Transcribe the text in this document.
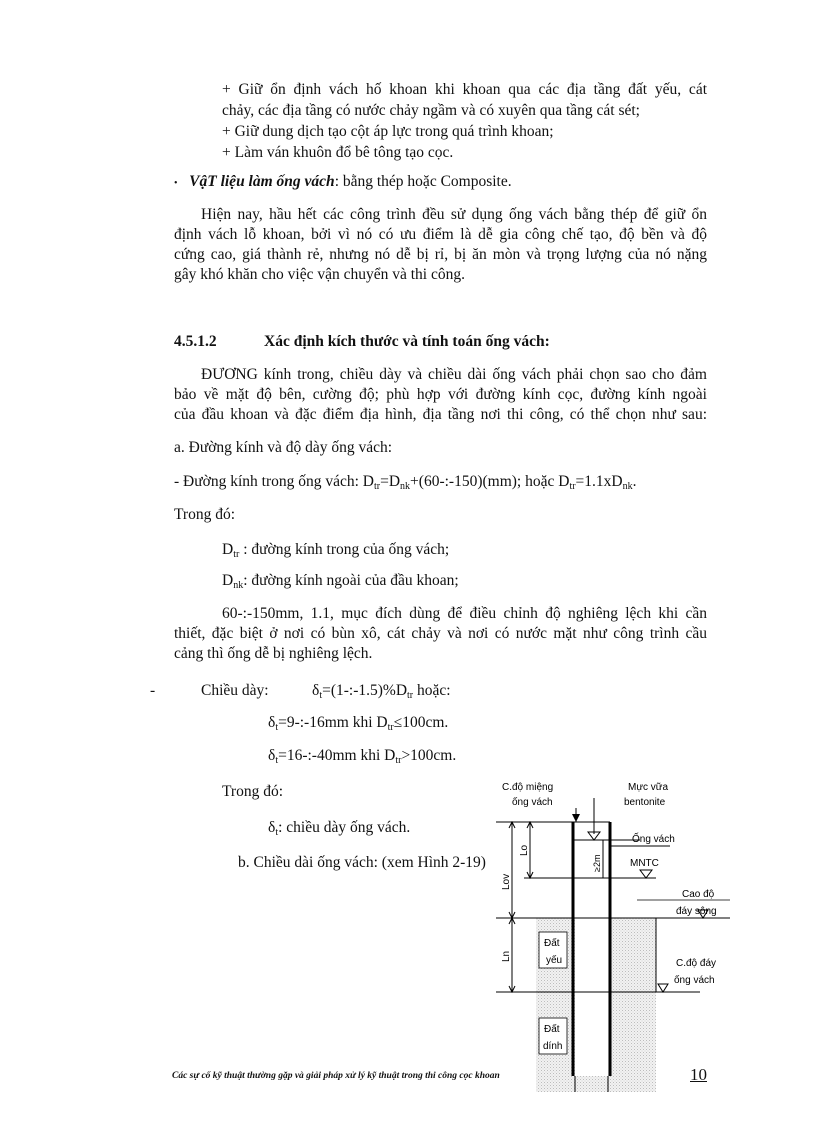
+ Giữ ổn định vách hố khoan khi khoan qua các địa tầng đất yếu, cát
chảy, các địa tầng có nước chảy ngầm và có xuyên qua tầng cát sét;
+ Giữ dung dịch tạo cột áp lực trong quá trình khoan;
+ Làm ván khuôn đổ bê tông tạo cọc.
• VậT liệu làm ống vách: bằng thép hoặc Composite.
Hiện nay, hầu hết các công trình đều sử dụng ống vách bằng thép để giữ ổn
định vách lỗ khoan, bởi vì nó có ưu điểm là dễ gia công chế tạo, độ bền và độ
cứng cao, giá thành rẻ, nhưng nó dễ bị rỉ, bị ăn mòn và trọng lượng của nó nặng
gây khó khăn cho việc vận chuyển và thi công.
4.5.1.2	Xác định kích thước và tính toán ống vách:
ĐƯƠNG kính trong, chiều dày và chiều dài ống vách phải chọn sao cho đảm
bảo về mặt độ bên, cường độ; phù hợp với đường kính cọc, đường kính ngoài
của đầu khoan và đặc điểm địa hình, địa tầng nơi thi công, có thể chọn như sau:
a. Đường kính và độ dày ống vách:
- Đường kính trong ống vách: $D_{tr}=D_{nk}+(60-:-150)(mm)$; hoặc $D_{tr}=1.1xD_{nk}$.
Trong đó:
$D_{tr}$ : đường kính trong của ống vách;
$D_{nk}$: đường kính ngoài của đầu khoan;
60-:-150mm, 1.1, mục đích dùng để điều chỉnh độ nghiêng lệch khi cần
thiết, đặc biệt ở nơi có bùn xô, cát chảy và nơi có nước mặt như công trình cầu
cảng thì ống dễ bị nghiêng lệch.
-	Chiều dày:	$\delta_t=(1-:-1.5)\%D_{tr}$ hoặc:
$\delta_t=9-:-16mm$ khi $D_{tr}\le 100cm$.
$\delta_t=16-:-40mm$ khi $D_{tr}>100cm$.
Trong đó:
$\delta_t$: chiều dày ống vách.
b. Chiều dài ống vách: (xem Hình 2-19)
C.độ miệng
ống vách
Mực vữa
bentonite
Ống vách
MNTC
Cao độ
đáy sông
C.độ đáy
ống vách
Đất
yếu
Đất
dính
Lov
Lo
Ln
≥2m
Các sự cố kỹ thuật thường gặp và giải pháp xử lý kỹ thuật trong thi công cọc khoan	10
